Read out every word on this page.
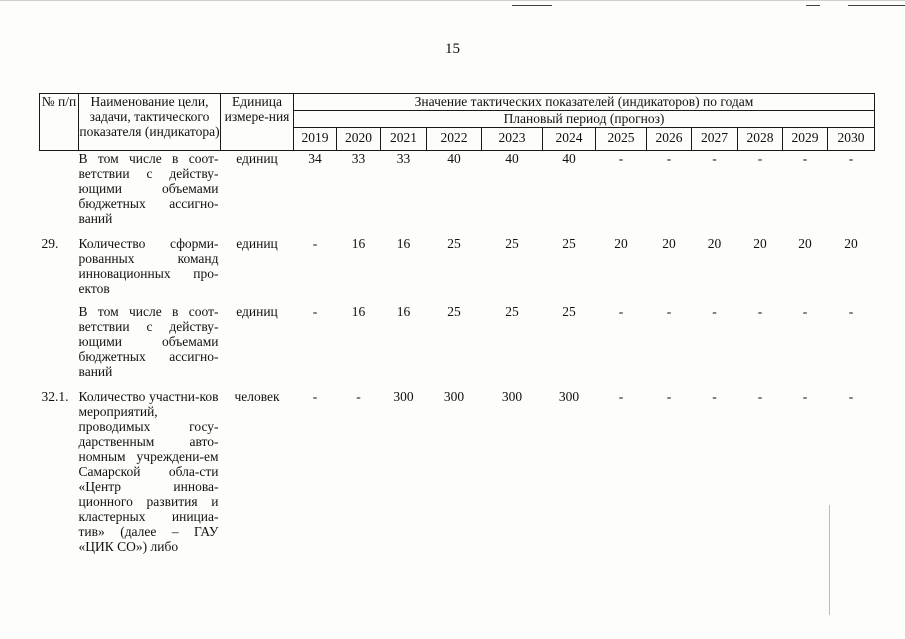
15
№ п/п	Наименование цели, задачи, тактического показателя (индикатора)	Единица измере-ния	Значение тактических показателей (индикаторов) по годам											
			Плановый период (прогноз)											
			2019	2020	2021	2022	2023	2024	2025	2026	2027	2028	2029	2030
	В том числе в соот-ветствии с действу-ющими объемами бюджетных ассигно-ваний	единиц	34	33	33	40	40	40	-	-	-	-	-	-
29.	Количество сформи-рованных команд инновационных про-ектов	единиц	-	16	16	25	25	25	20	20	20	20	20	20
	В том числе в соот-ветствии с действу-ющими объемами бюджетных ассигно-ваний	единиц	-	16	16	25	25	25	-	-	-	-	-	-
32.1.	Количество участни-ков мероприятий, проводимых госу-дарственным авто-номным учреждени-ем Самарской обла-сти «Центр иннова-ционного развития и кластерных инициа-тив» (далее – ГАУ «ЦИК СО») либо	человек	-	-	300	300	300	300	-	-	-	-	-	-
